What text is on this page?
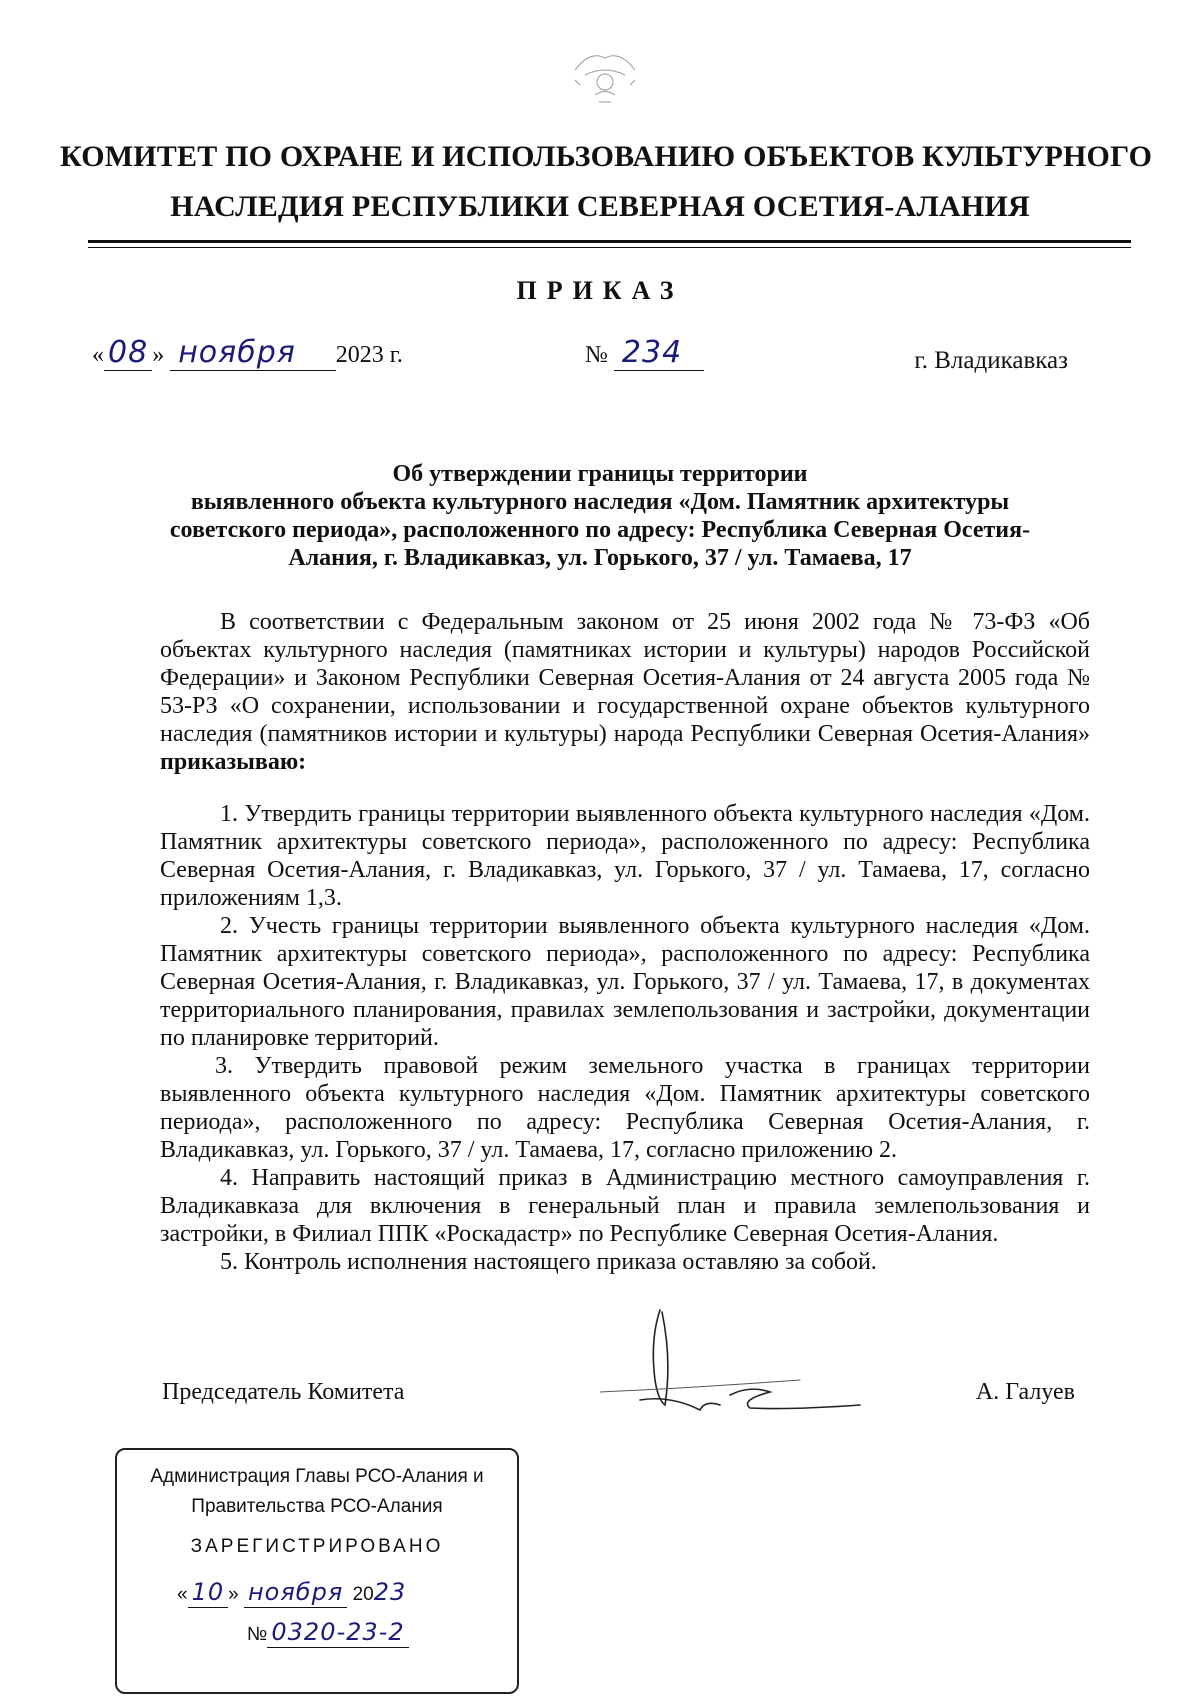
КОМИТЕТ ПО ОХРАНЕ И ИСПОЛЬЗОВАНИЮ ОБЪЕКТОВ КУЛЬТУРНОГО
НАСЛЕДИЯ РЕСПУБЛИКИ СЕВЕРНАЯ ОСЕТИЯ-АЛАНИЯ
ПРИКАЗ
« 08 » ноября 2023 г.	№ 234	г. Владикавказ
Об утверждении границы территории
выявленного объекта культурного наследия «Дом. Памятник архитектуры
советского периода», расположенного по адресу: Республика Северная Осетия-
Алания, г. Владикавказ, ул. Горького, 37 / ул. Тамаева, 17

В соответствии с Федеральным законом от 25 июня 2002 года № 73-ФЗ «Об объектах культурного наследия (памятниках истории и культуры) народов Российской Федерации» и Законом Республики Северная Осетия-Алания от 24 августа 2005 года № 53-РЗ «О сохранении, использовании и государственной охране объектов культурного наследия (памятников истории и культуры) народа Республики Северная Осетия-Алания» приказываю:

1. Утвердить границы территории выявленного объекта культурного наследия «Дом. Памятник архитектуры советского периода», расположенного по адресу: Республика Северная Осетия-Алания, г. Владикавказ, ул. Горького, 37 / ул. Тамаева, 17, согласно приложениям 1,3.

2. Учесть границы территории выявленного объекта культурного наследия «Дом. Памятник архитектуры советского периода», расположенного по адресу: Республика Северная Осетия-Алания, г. Владикавказ, ул. Горького, 37 / ул. Тамаева, 17, в документах территориального планирования, правилах землепользования и застройки, документации по планировке территорий.

3. Утвердить правовой режим земельного участка в границах территории выявленного объекта культурного наследия «Дом. Памятник архитектуры советского периода», расположенного по адресу: Республика Северная Осетия-Алания, г. Владикавказ, ул. Горького, 37 / ул. Тамаева, 17, согласно приложению 2.

4. Направить настоящий приказ в Администрацию местного самоуправления г. Владикавказа для включения в генеральный план и правила землепользования и застройки, в Филиал ППК «Роскадастр» по Республике Северная Осетия-Алания.

5. Контроль исполнения настоящего приказа оставляю за собой.

Председатель Комитета	А. Галуев
Администрация Главы РСО-Алания и
Правительства РСО-Алания
ЗАРЕГИСТРИРОВАНО
« 10 » ноября 2023
№ 0320-23-2
